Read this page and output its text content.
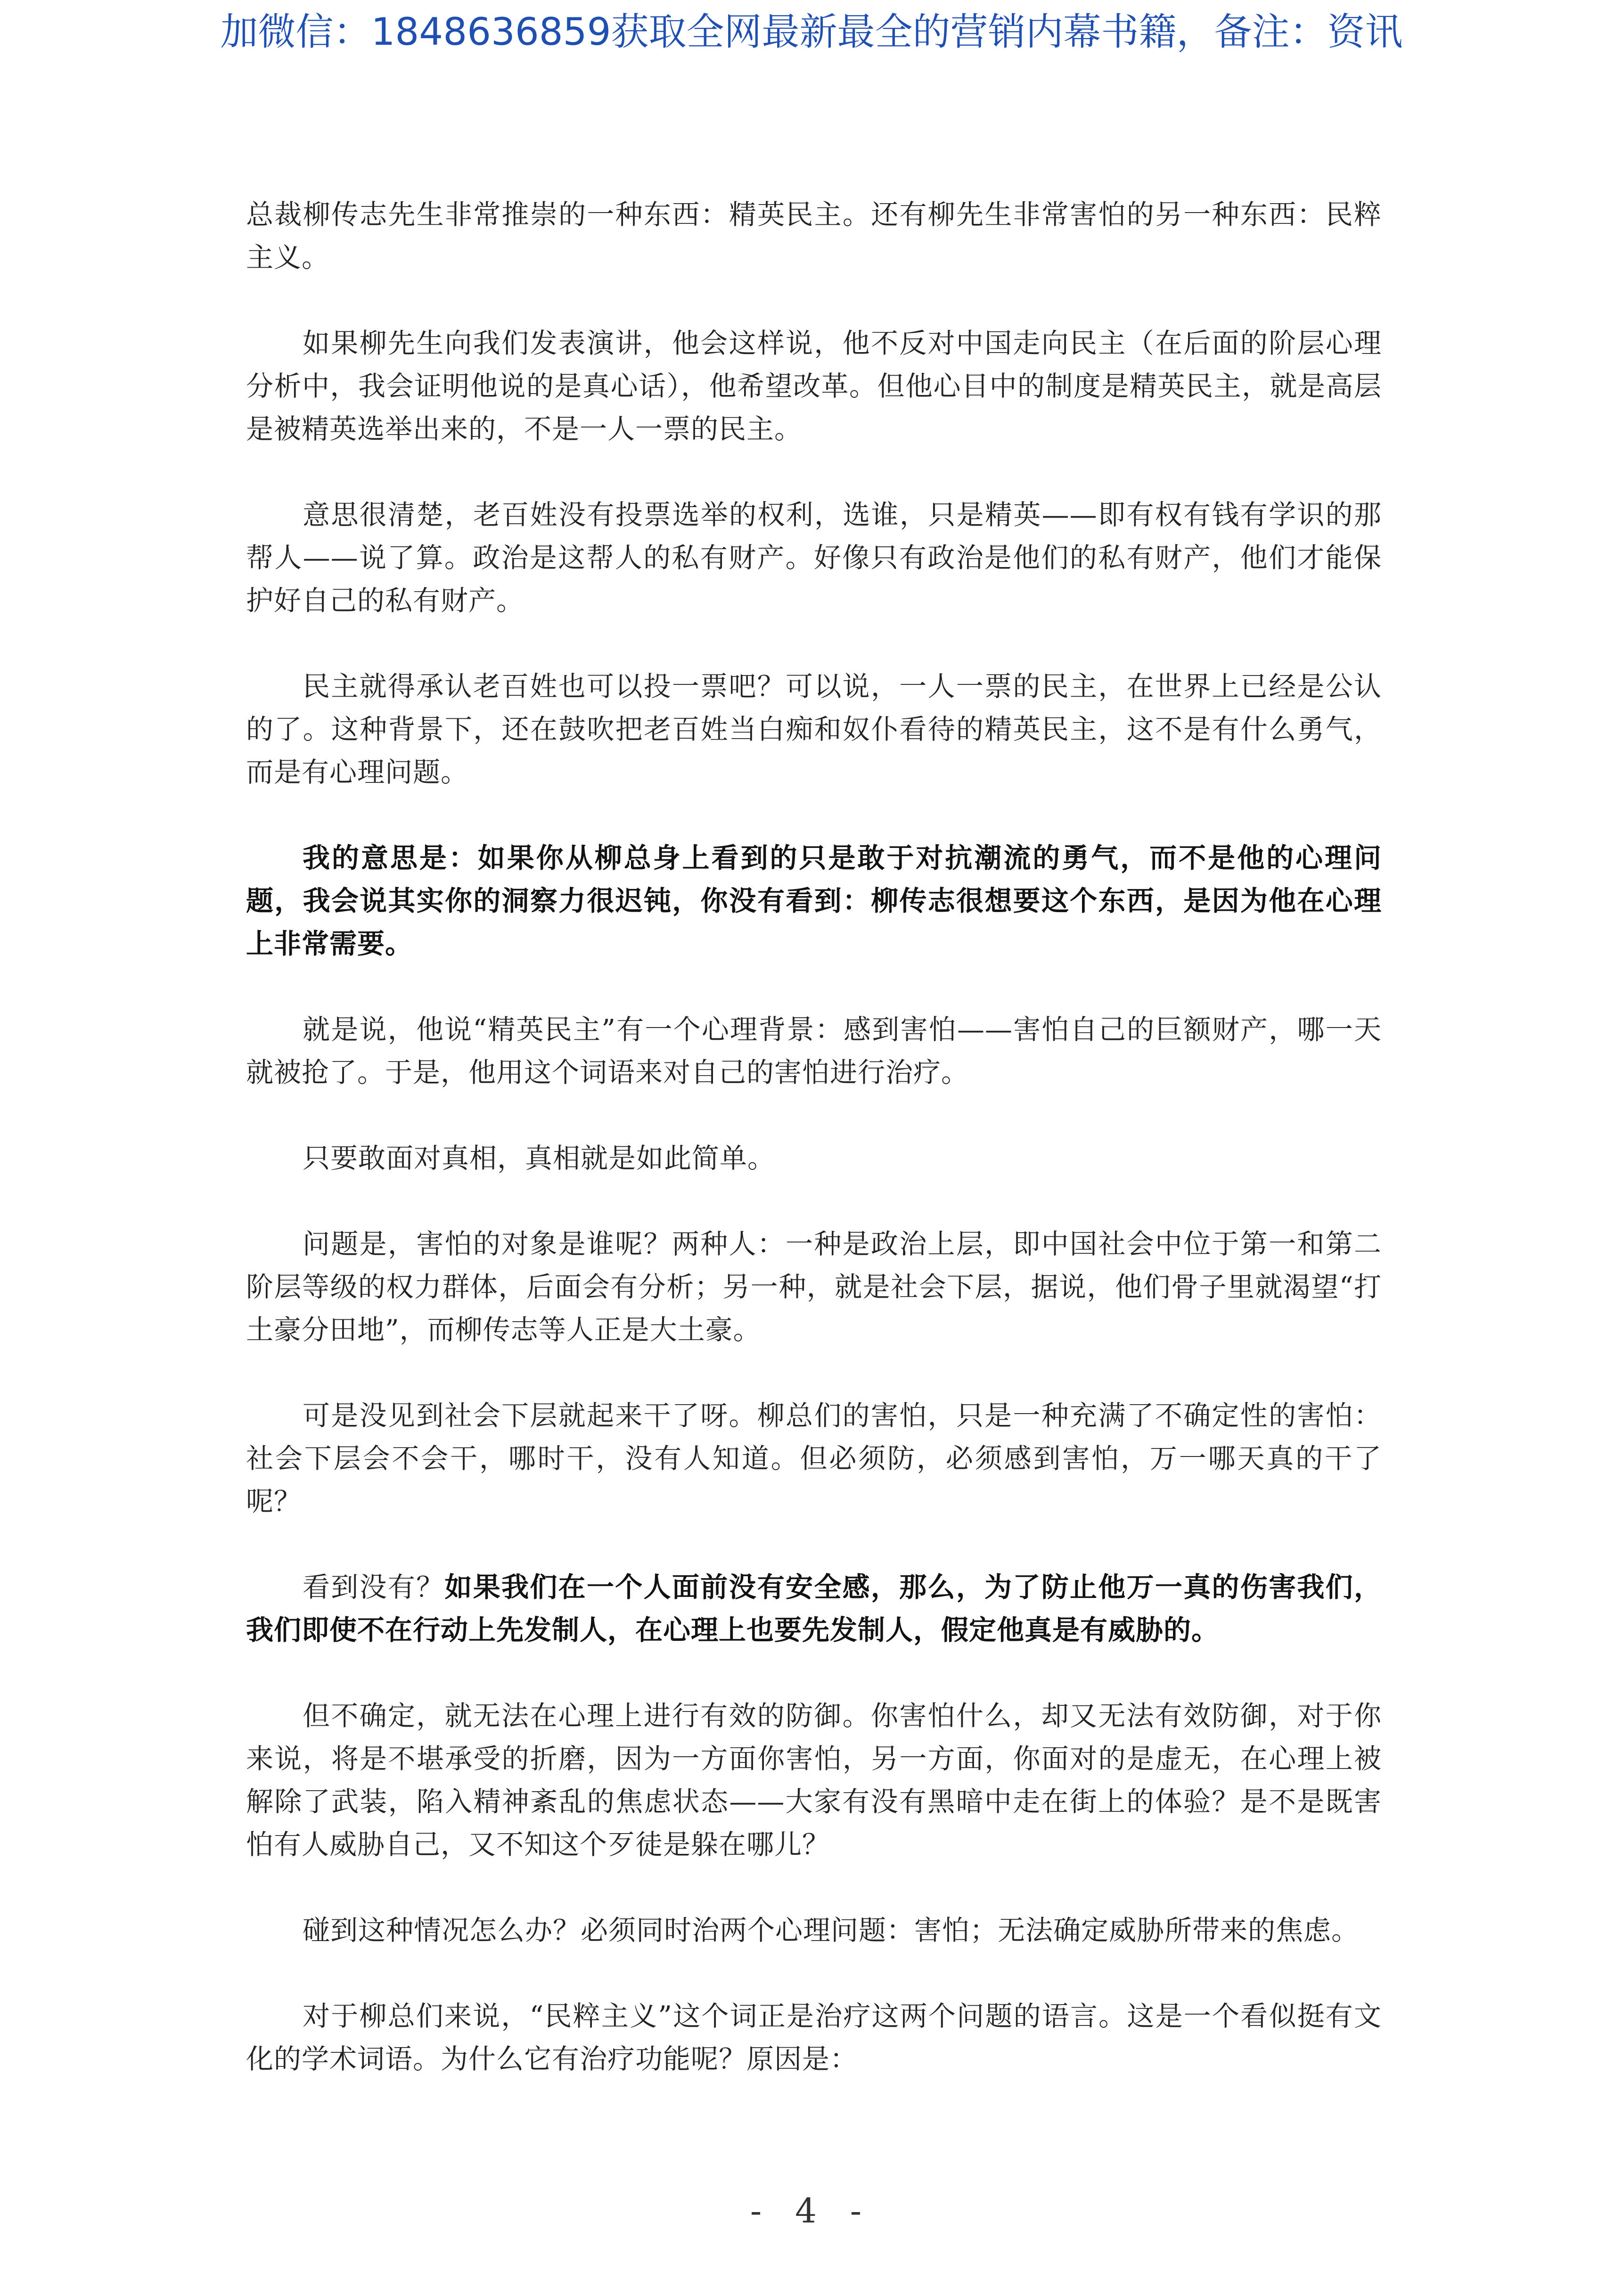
加微信：1848636859获取全网最新最全的营销内幕书籍，备注：资讯

总裁柳传志先生非常推崇的一种东西：精英民主。还有柳先生非常害怕的另一种东西：民粹主义。

如果柳先生向我们发表演讲，他会这样说，他不反对中国走向民主（在后面的阶层心理分析中，我会证明他说的是真心话），他希望改革。但他心目中的制度是精英民主，就是高层是被精英选举出来的，不是一人一票的民主。

意思很清楚，老百姓没有投票选举的权利，选谁，只是精英——即有权有钱有学识的那帮人——说了算。政治是这帮人的私有财产。好像只有政治是他们的私有财产，他们才能保护好自己的私有财产。

民主就得承认老百姓也可以投一票吧？可以说，一人一票的民主，在世界上已经是公认的了。这种背景下，还在鼓吹把老百姓当白痴和奴仆看待的精英民主，这不是有什么勇气，而是有心理问题。

我的意思是：如果你从柳总身上看到的只是敢于对抗潮流的勇气，而不是他的心理问题，我会说其实你的洞察力很迟钝，你没有看到：柳传志很想要这个东西，是因为他在心理上非常需要。

就是说，他说“精英民主”有一个心理背景：感到害怕——害怕自己的巨额财产，哪一天就被抢了。于是，他用这个词语来对自己的害怕进行治疗。

只要敢面对真相，真相就是如此简单。

问题是，害怕的对象是谁呢？两种人：一种是政治上层，即中国社会中位于第一和第二阶层等级的权力群体，后面会有分析；另一种，就是社会下层，据说，他们骨子里就渴望“打土豪分田地”，而柳传志等人正是大土豪。

可是没见到社会下层就起来干了呀。柳总们的害怕，只是一种充满了不确定性的害怕：社会下层会不会干，哪时干，没有人知道。但必须防，必须感到害怕，万一哪天真的干了呢？

看到没有？如果我们在一个人面前没有安全感，那么，为了防止他万一真的伤害我们，我们即使不在行动上先发制人，在心理上也要先发制人，假定他真是有威胁的。

但不确定，就无法在心理上进行有效的防御。你害怕什么，却又无法有效防御，对于你来说，将是不堪承受的折磨，因为一方面你害怕，另一方面，你面对的是虚无，在心理上被解除了武装，陷入精神紊乱的焦虑状态——大家有没有黑暗中走在街上的体验？是不是既害怕有人威胁自己，又不知这个歹徒是躲在哪儿？

碰到这种情况怎么办？必须同时治两个心理问题：害怕；无法确定威胁所带来的焦虑。

对于柳总们来说，“民粹主义”这个词正是治疗这两个问题的语言。这是一个看似挺有文化的学术词语。为什么它有治疗功能呢？原因是：

- 4 -
